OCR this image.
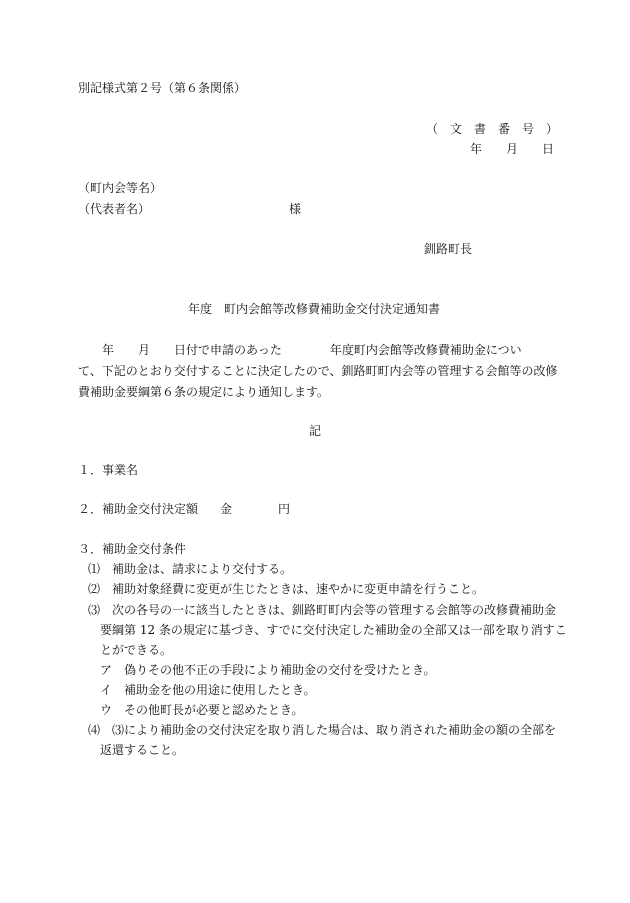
別記様式第２号（第６条関係）
（　文　書　番　号　）
年　　月　　日
（町内会等名）
（代表者名）	様
釧路町長
年度　町内会館等改修費補助金交付決定通知書
　　年　　月　　日付で申請のあった　　　　年度町内会館等改修費補助金につい
て、下記のとおり交付することに決定したので、釧路町町内会等の管理する会館等の改修
費補助金要綱第６条の規定により通知します。
記
１．事業名
２．補助金交付決定額 金	円
３．補助金交付条件
⑴　補助金は、請求により交付する。
⑵　補助対象経費に変更が生じたときは、速やかに変更申請を行うこと。
⑶　次の各号の一に該当したときは、釧路町町内会等の管理する会館等の改修費補助金
要綱第 12 条の規定に基づき、すでに交付決定した補助金の全部又は一部を取り消すこ
とができる。
ア　偽りその他不正の手段により補助金の交付を受けたとき。
イ　補助金を他の用途に使用したとき。
ウ　その他町長が必要と認めたとき。
⑷　⑶により補助金の交付決定を取り消した場合は、取り消された補助金の額の全部を
返還すること。
